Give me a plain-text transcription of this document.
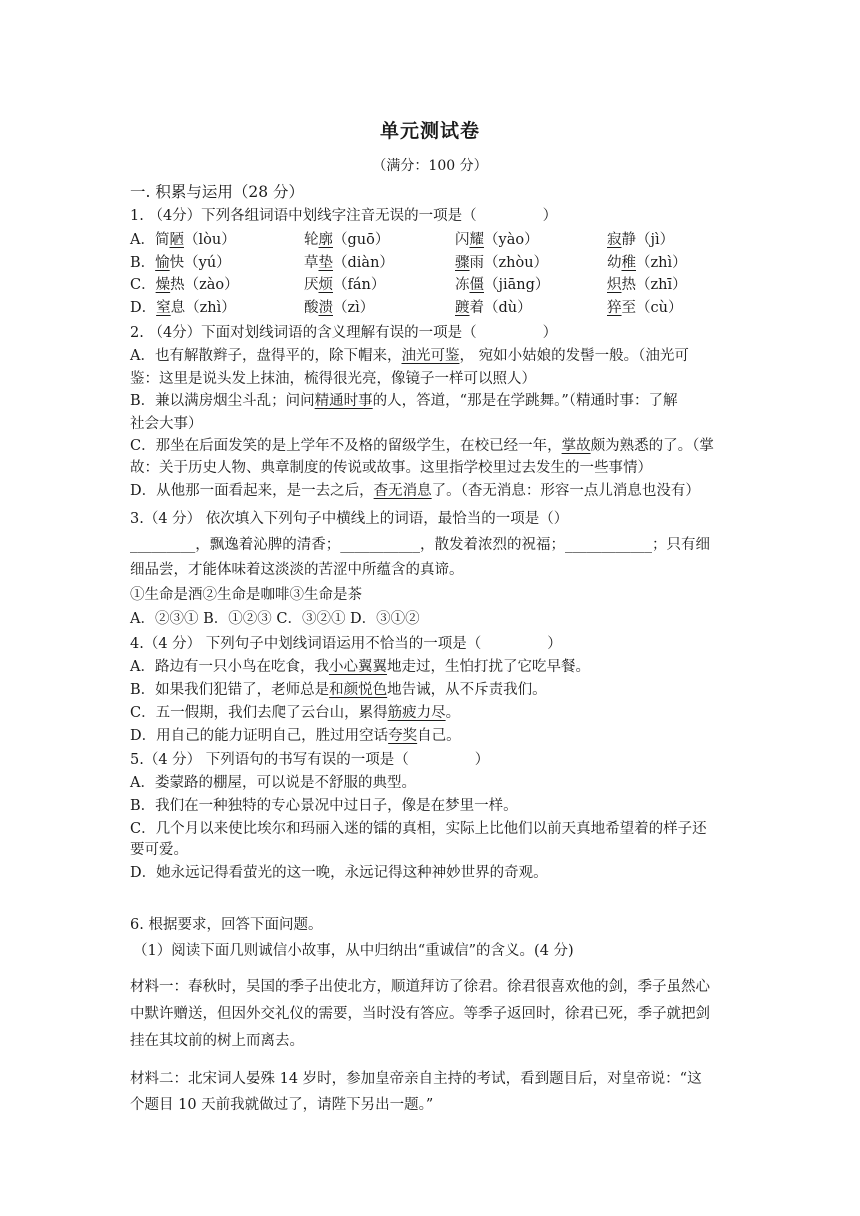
单元测试卷
（满分：100 分）
一. 积累与运用（28 分）
1. （4分）下列各组词语中划线字注音无误的一项是（	）
A．简陋（lòu）	轮廓（guō）	闪耀（yào）	寂静（jì）
B．愉快（yú）	草垫（diàn）	骤雨（zhòu）	幼稚（zhì）
C．燥热（zào）	厌烦（fán）	冻僵（jiāng）	炽热（zhī）
D．窒息（zhì）	酸溃（zì）	踱着（dù）	猝至（cù）
2. （4分）下面对划线词语的含义理解有误的一项是（	）
A．也有解散辫子，盘得平的，除下帽来，油光可鉴， 宛如小姑娘的发髻一般。（油光可
鉴：这里是说头发上抹油，梳得很光亮，像镜子一样可以照人）
B．兼以满房烟尘斗乱；问问精通时事的人，答道，“那是在学跳舞。”（精通时事：了解
社会大事）
C．那坐在后面发笑的是上学年不及格的留级学生，在校已经一年，掌故颇为熟悉的了。（掌
故：关于历史人物、典章制度的传说或故事。这里指学校里过去发生的一些事情）
D．从他那一面看起来，是一去之后，杳无消息了。（杳无消息：形容一点儿消息也没有）
3.（4 分） 依次填入下列句子中横线上的词语，最恰当的一项是（）
_________，飘逸着沁脾的清香；___________，散发着浓烈的祝福；____________；只有细
细品尝，才能体味着这淡淡的苦涩中所蕴含的真谛。
①生命是酒②生命是咖啡③生命是茶
A．②③① B．①②③ C．③②① D．③①②
4.（4 分） 下列句子中划线词语运用不恰当的一项是（	）
A．路边有一只小鸟在吃食，我小心翼翼地走过，生怕打扰了它吃早餐。
B．如果我们犯错了，老师总是和颜悦色地告诫，从不斥责我们。
C．五一假期，我们去爬了云台山，累得筋疲力尽。
D．用自己的能力证明自己，胜过用空话夸奖自己。
5.（4 分） 下列语句的书写有误的一项是（	）
A．娄蒙路的棚屋，可以说是不舒服的典型。
B．我们在一种独特的专心景况中过日子，像是在梦里一样。
C．几个月以来使比埃尔和玛丽入迷的镭的真相，实际上比他们以前天真地希望着的样子还
要可爱。
D．她永远记得看萤光的这一晚，永远记得这种神妙世界的奇观。
6. 根据要求，回答下面问题。
（1）阅读下面几则诚信小故事，从中归纳出“重诚信”的含义。(4 分)
材料一：春秋时，吴国的季子出使北方，顺道拜访了徐君。徐君很喜欢他的剑，季子虽然心
中默许赠送，但因外交礼仪的需要，当时没有答应。等季子返回时，徐君已死，季子就把剑
挂在其坟前的树上而离去。
材料二：北宋词人晏殊 14 岁时，参加皇帝亲自主持的考试，看到题目后，对皇帝说：“这
个题目 10 天前我就做过了，请陛下另出一题。”
